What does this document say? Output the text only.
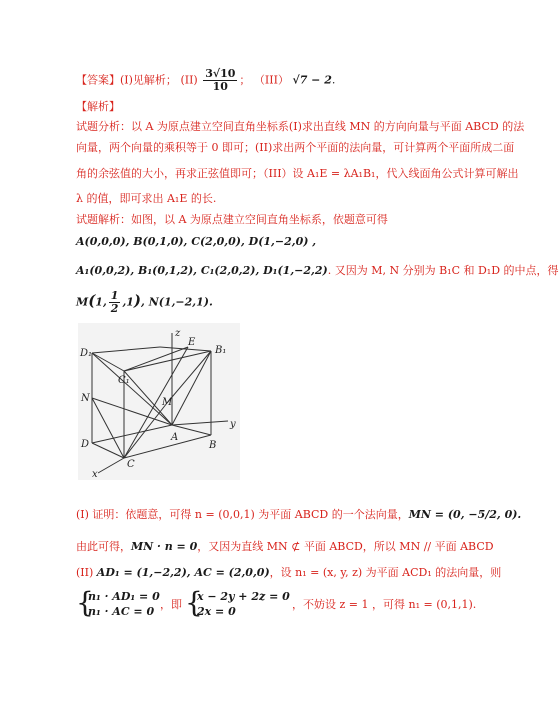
【答案】(I)见解析； $(II) \frac{3√10}{10}$ ； （III） √7 − 2.
【解析】
试题分析：以 A 为原点建立空间直角坐标系(I)求出直线 MN 的方向向量与平面 ABCD 的法
向量，两个向量的乘积等于 0 即可；(II)求出两个平面的法向量，可计算两个平面所成二面
角的余弦值的大小，再求正弦值即可；（III）设 A₁E = λA₁B₁，代入线面角公式计算可解出
λ 的值，即可求出 A₁E 的长.
试题解析：如图，以 A 为原点建立空间直角坐标系，依题意可得
A(0,0,0), B(0,1,0), C(2,0,0), D(1,−2,0) ,
A₁(0,0,2), B₁(0,1,2), C₁(2,0,2), D₁(1,−2,2). 又因为 M, N 分别为 B₁C 和 D₁D 的中点，得
M(1, $\frac{1}{2} ,1$), N(1,−2,1).
D₁
C₁
B₁
E
z
N	M
D
A
B
C
x
y
(I) 证明：依题意，可得 n = (0,0,1) 为平面 ABCD 的一个法向量，MN = (0, −5/2, 0).
由此可得，MN · n = 0，又因为直线 MN ⊄ 平面 ABCD，所以 MN // 平面 ABCD
(II) AD₁ = (1,−2,2), AC = (2,0,0)，设 n₁ = (x, y, z) 为平面 ACD₁ 的法向量，则
{
n₁ · AD₁ = 0
n₁ · AC = 0
，即 {
x − 2y + 2z = 0
2x = 0
，不妨设 z = 1 ，可得 n₁ = (0,1,1).
